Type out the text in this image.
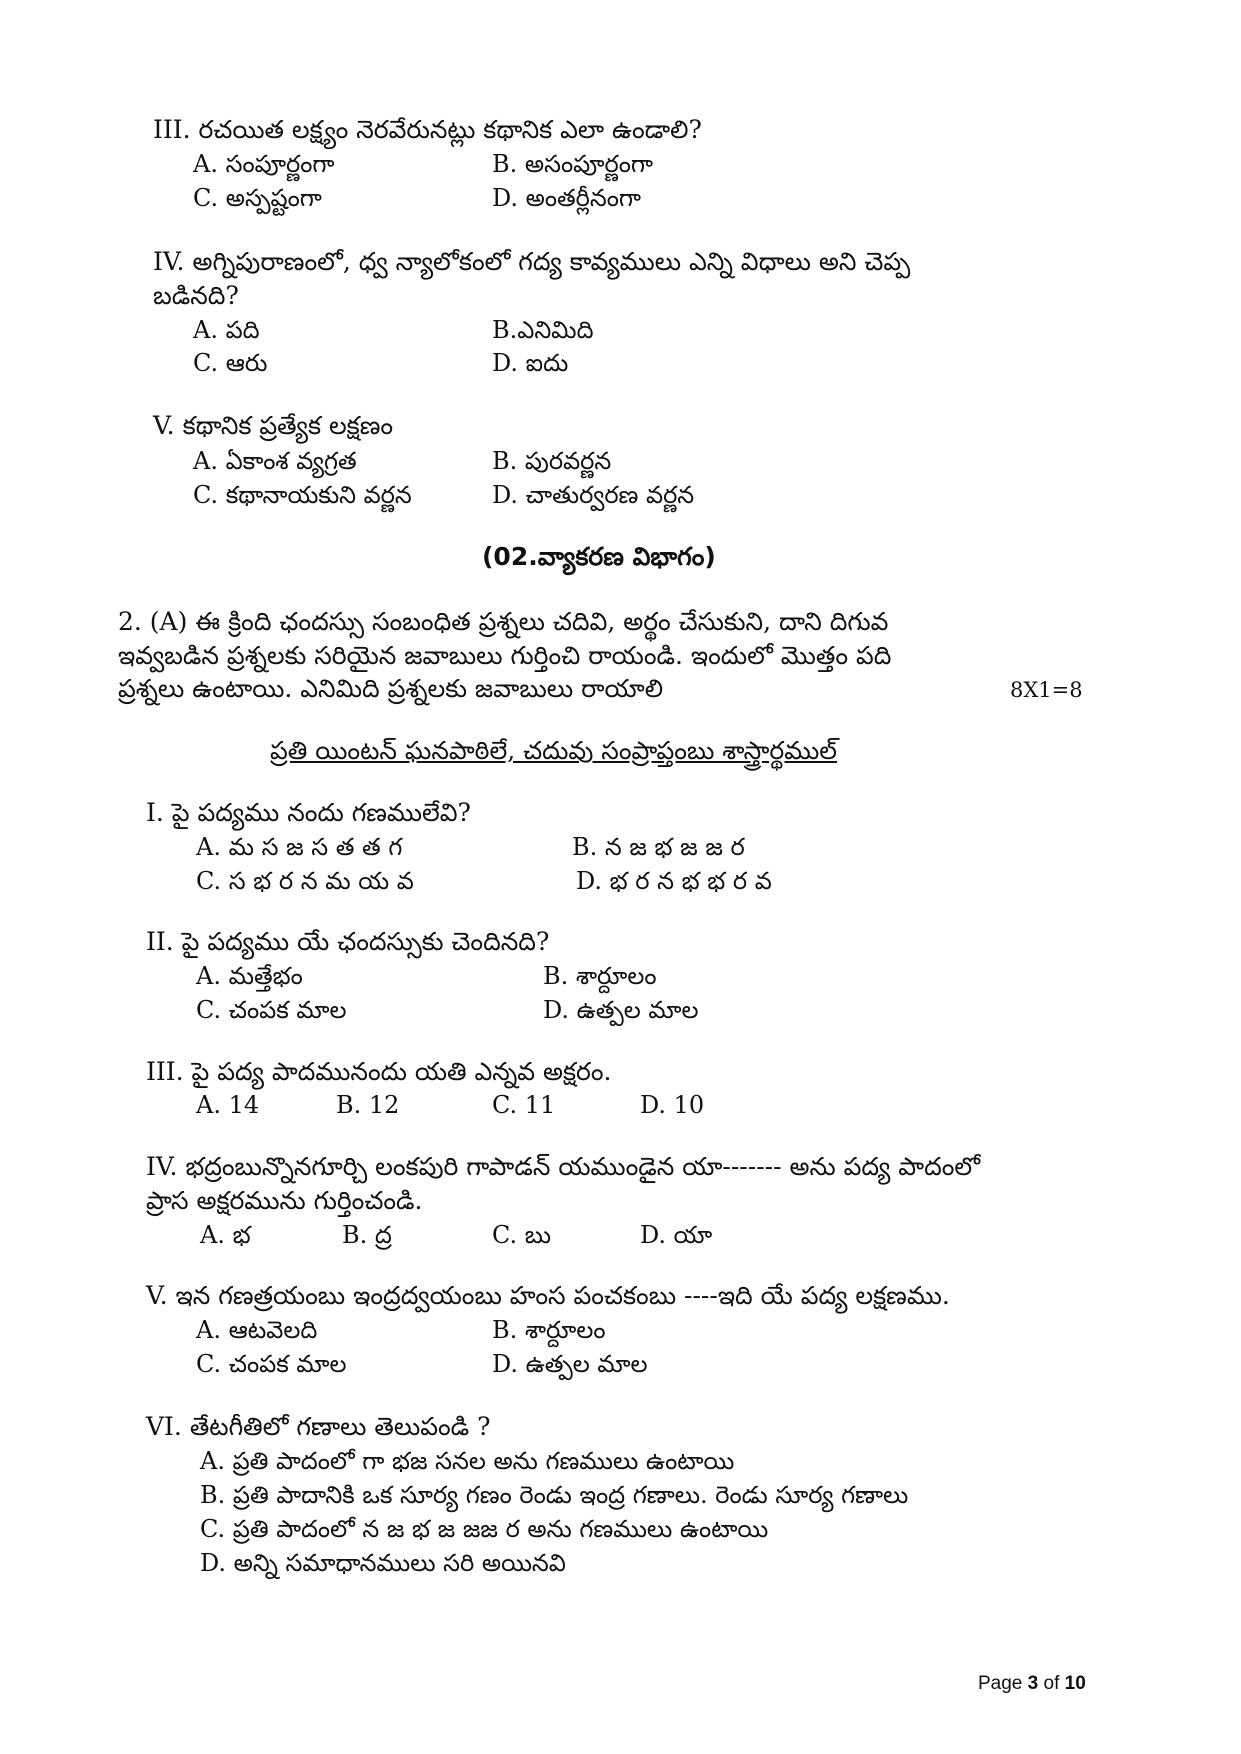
III. రచయిత లక్ష్యం నెరవేరునట్లు కథానిక ఎలా ఉండాలి?
A. సంపూర్ణంగా	B. అసంపూర్ణంగా
C. అస్పష్టంగా	D. అంతర్లీనంగా
IV. అగ్నిపురాణంలో, ధ్వ న్యాలోకంలో గద్య కావ్యములు ఎన్ని విధాలు అని చెప్ప
బడినది?
A. పది	B.ఎనిమిది
C. ఆరు	D. ఐదు
V. కథానిక ప్రత్యేక లక్షణం
A. ఏకాంశ వ్యగ్రత	B. పురవర్ణన
C. కథానాయకుని వర్ణన	D. చాతుర్వరణ వర్ణన
(02.వ్యాకరణ విభాగం)
2. (A) ఈ క్రింది ఛందస్సు సంబంధిత ప్రశ్నలు చదివి, అర్థం చేసుకుని, దాని దిగువ
ఇవ్వబడిన ప్రశ్నలకు సరియైన జవాబులు గుర్తించి రాయండి. ఇందులో మొత్తం పది
ప్రశ్నలు ఉంటాయి. ఎనిమిది ప్రశ్నలకు జవాబులు రాయాలి	8X1=8
ప్రతి యింటన్ ఘనపాఠిలే, చదువు సంప్రాప్తంబు శాస్త్రార్థముల్
I. పై పద్యము నందు గణములేవి?
A. మ స జ స త త గ	B. న జ భ జ జ ర
C. స భ ర న మ య వ	D. భ ర న భ భ ర వ
II. పై పద్యము యే ఛందస్సుకు చెందినది?
A. మత్తేభం	B. శార్దూలం
C. చంపక మాల	D. ఉత్పల మాల
III. పై పద్య పాదమునందు యతి ఎన్నవ అక్షరం.
A. 14	B. 12	C. 11	D. 10
IV. భద్రంబున్నొనగూర్చి లంకపురి గాపాడన్ యముండైన యా------- అను పద్య పాదంలో
ప్రాస అక్షరమును గుర్తించండి.
A. భ	B. ద్ర	C. బు	D. యా
V. ఇన గణత్రయంబు ఇంద్రద్వయంబు హంస పంచకంబు ----ఇది యే పద్య లక్షణము.
A. ఆటవెలది	B. శార్దూలం
C. చంపక మాల	D. ఉత్పల మాల
VI. తేటగీతిలో గణాలు తెలుపండి ?
A. ప్రతి పాదంలో గా భజ సనల అను గణములు ఉంటాయి
B. ప్రతి పాదానికి ఒక సూర్య గణం రెండు ఇంద్ర గణాలు. రెండు సూర్య గణాలు
C. ప్రతి పాదంలో న జ భ జ జజ ర అను గణములు ఉంటాయి
D. అన్ని సమాధానములు సరి అయినవి
Page 3 of 10
